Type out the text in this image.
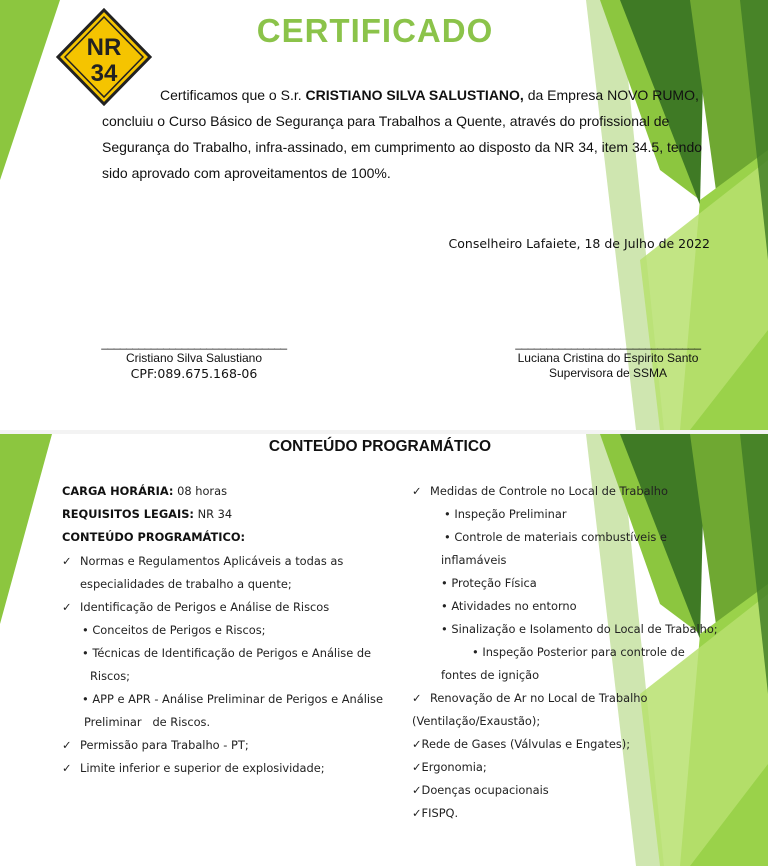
NR
34
CERTIFICADO
Certificamos que o S.r. CRISTIANO SILVA SALUSTIANO, da Empresa NOVO RUMO,
concluiu o Curso Básico de Segurança para Trabalhos a Quente, através do profissional de
Segurança do Trabalho, infra-assinado, em cumprimento ao disposto da NR 34, item 34.5, tendo
sido aprovado com aproveitamentos de 100%.
Conselheiro Lafaiete, 18 de Julho de 2022
______________________________
Cristiano Silva Salustiano
CPF:089.675.168-06
______________________________
Luciana Cristina do Espirito Santo
Supervisora de SSMA
CONTEÚDO PROGRAMÁTICO
CARGA HORÁRIA: 08 horas
REQUISITOS LEGAIS: NR 34
CONTEÚDO PROGRAMÁTICO:
✓ Normas e Regulamentos Aplicáveis a todas as
especialidades de trabalho a quente;
✓ Identificação de Perigos e Análise de Riscos
• Conceitos de Perigos e Riscos;
• Técnicas de Identificação de Perigos e Análise de
Riscos;
• APP e APR - Análise Preliminar de Perigos e Análise
Preliminar   de Riscos.
✓ Permissão para Trabalho - PT;
✓ Limite inferior e superior de explosividade;
✓ Medidas de Controle no Local de Trabalho
• Inspeção Preliminar
• Controle de materiais combustíveis e
inflamáveis
• Proteção Física
• Atividades no entorno
• Sinalização e Isolamento do Local de Trabalho;
• Inspeção Posterior para controle de
fontes de ignição
✓ Renovação de Ar no Local de Trabalho
(Ventilação/Exaustão);
✓Rede de Gases (Válvulas e Engates);
✓Ergonomia;
✓Doenças ocupacionais
✓FISPQ.
